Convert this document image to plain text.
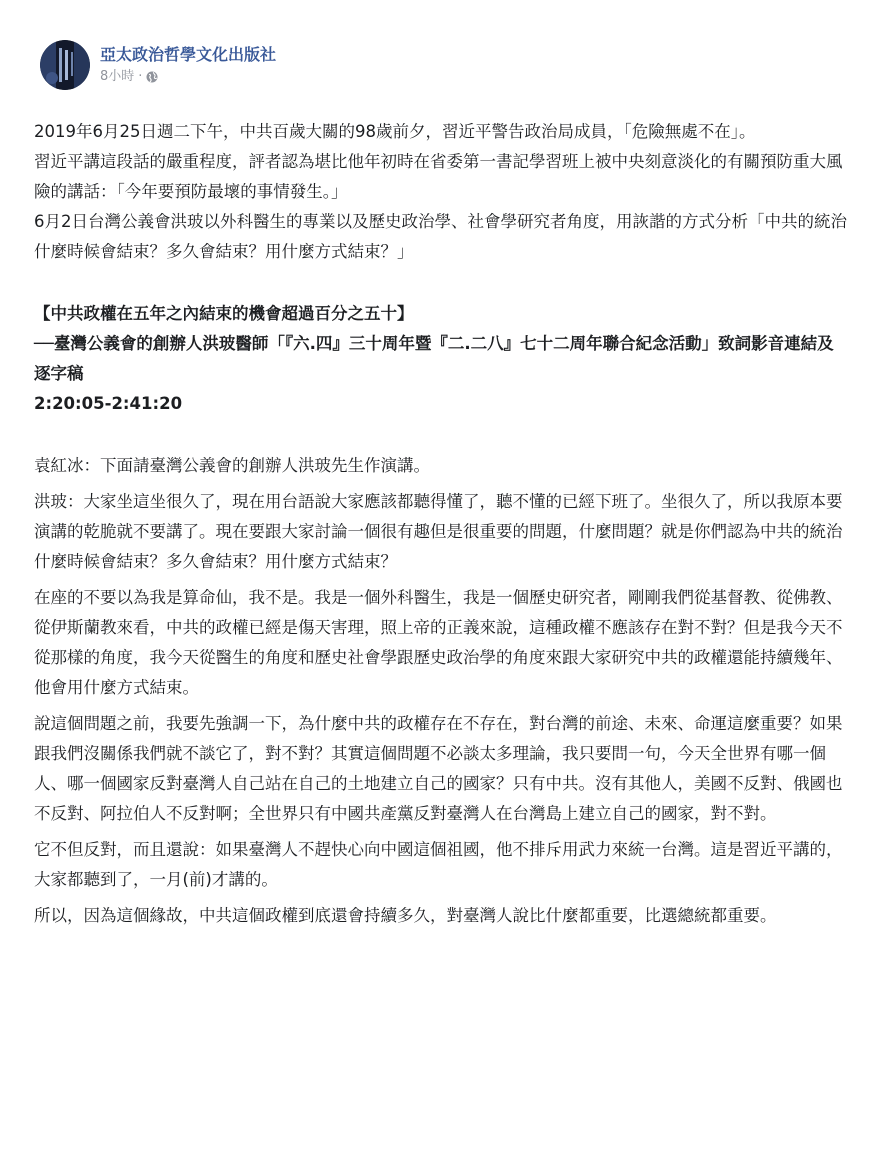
亞太政治哲學文化出版社
8小時 ·

2019年6月25日週二下午，中共百歲大關的98歲前夕，習近平警告政治局成員，「危險無處不在」。

習近平講這段話的嚴重程度，評者認為堪比他年初時在省委第一書記學習班上被中央刻意淡化的有關預防重大風險的講話：「今年要預防最壞的事情發生。」

6月2日台灣公義會洪玻以外科醫生的專業以及歷史政治學、社會學研究者角度，用詼諧的方式分析「中共的統治什麼時候會結束？多久會結束？用什麼方式結束？」

【中共政權在五年之內結束的機會超過百分之五十】

──臺灣公義會的創辦人洪玻醫師「『六.四』三十周年暨『二.二八』七十二周年聯合紀念活動」致詞影音連結及逐字稿

2:20:05-2:41:20

袁紅冰：下面請臺灣公義會的創辦人洪玻先生作演講。

洪玻：大家坐這坐很久了，現在用台語說大家應該都聽得懂了，聽不懂的已經下班了。坐很久了，所以我原本要演講的乾脆就不要講了。現在要跟大家討論一個很有趣但是很重要的問題，什麼問題？就是你們認為中共的統治什麼時候會結束？多久會結束？用什麼方式結束？

在座的不要以為我是算命仙，我不是。我是一個外科醫生，我是一個歷史研究者，剛剛我們從基督教、從佛教、從伊斯蘭教來看，中共的政權已經是傷天害理，照上帝的正義來說，這種政權不應該存在對不對？但是我今天不從那樣的角度，我今天從醫生的角度和歷史社會學跟歷史政治學的角度來跟大家研究中共的政權還能持續幾年、他會用什麼方式結束。

說這個問題之前，我要先強調一下，為什麼中共的政權存在不存在，對台灣的前途、未來、命運這麼重要？如果跟我們沒關係我們就不談它了，對不對？其實這個問題不必談太多理論，我只要問一句，今天全世界有哪一個人、哪一個國家反對臺灣人自己站在自己的土地建立自己的國家？只有中共。沒有其他人，美國不反對、俄國也不反對、阿拉伯人不反對啊；全世界只有中國共產黨反對臺灣人在台灣島上建立自己的國家，對不對。

它不但反對，而且還說：如果臺灣人不趕快心向中國這個祖國，他不排斥用武力來統一台灣。這是習近平講的，大家都聽到了，一月(前)才講的。

所以，因為這個緣故，中共這個政權到底還會持續多久，對臺灣人說比什麼都重要，比選總統都重要。
